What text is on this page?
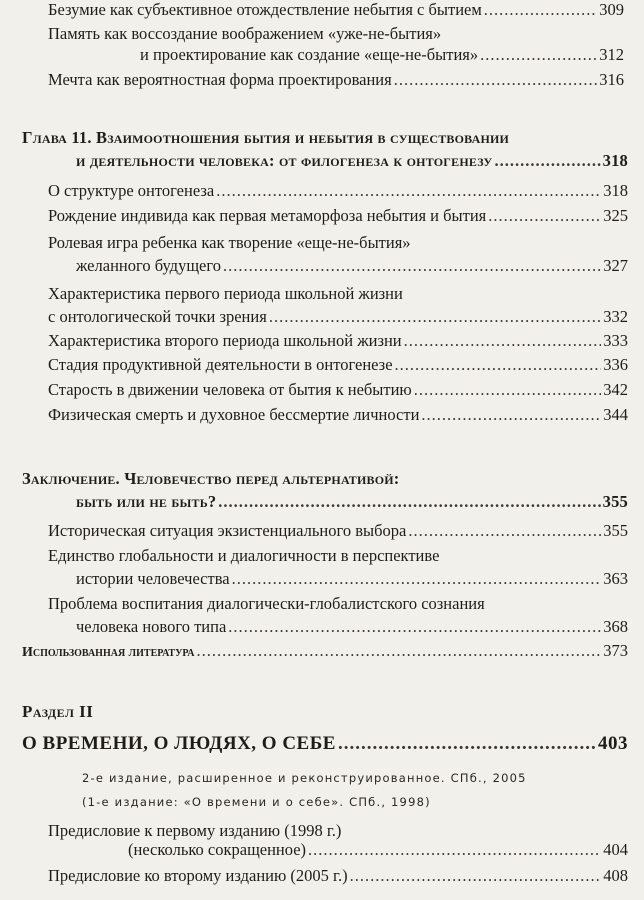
Безумие как субъективное отождествление небытия с бытием .....	309
Память как воссоздание воображением «уже-не-бытия»
и проектирование как создание «еще-не-бытия» .....	312
Мечта как вероятностная форма проектирования .....	316
Глава 11. Взаимоотношения бытия и небытия в существовании
и деятельности человека: от филогенеза к онтогенезу .....	318
О структуре онтогенеза .....	318
Рождение индивида как первая метаморфоза небытия и бытия .....	325
Ролевая игра ребенка как творение «еще-не-бытия»
желанного будущего .....	327
Характеристика первого периода школьной жизни
с онтологической точки зрения .....	332
Характеристика второго периода школьной жизни .....	333
Стадия продуктивной деятельности в онтогенезе .....	336
Старость в движении человека от бытия к небытию .....	342
Физическая смерть и духовное бессмертие личности .....	344
Заключение. Человечество перед альтернативой:
быть или не быть? .....	355
Историческая ситуация экзистенциального выбора .....	355
Единство глобальности и диалогичности в перспективе
истории человечества .....	363
Проблема воспитания диалогически-глобалистского сознания
человека нового типа .....	368
Использованная литература .....	373
Раздел II
О ВРЕМЕНИ, О ЛЮДЯХ, О СЕБЕ .....	403
2-е издание, расширенное и реконструированное. СПб., 2005
(1-е издание: «О времени и о себе». СПб., 1998)
Предисловие к первому изданию (1998 г.)
(несколько сокращенное) .....	404
Предисловие ко второму изданию (2005 г.) .....	408
